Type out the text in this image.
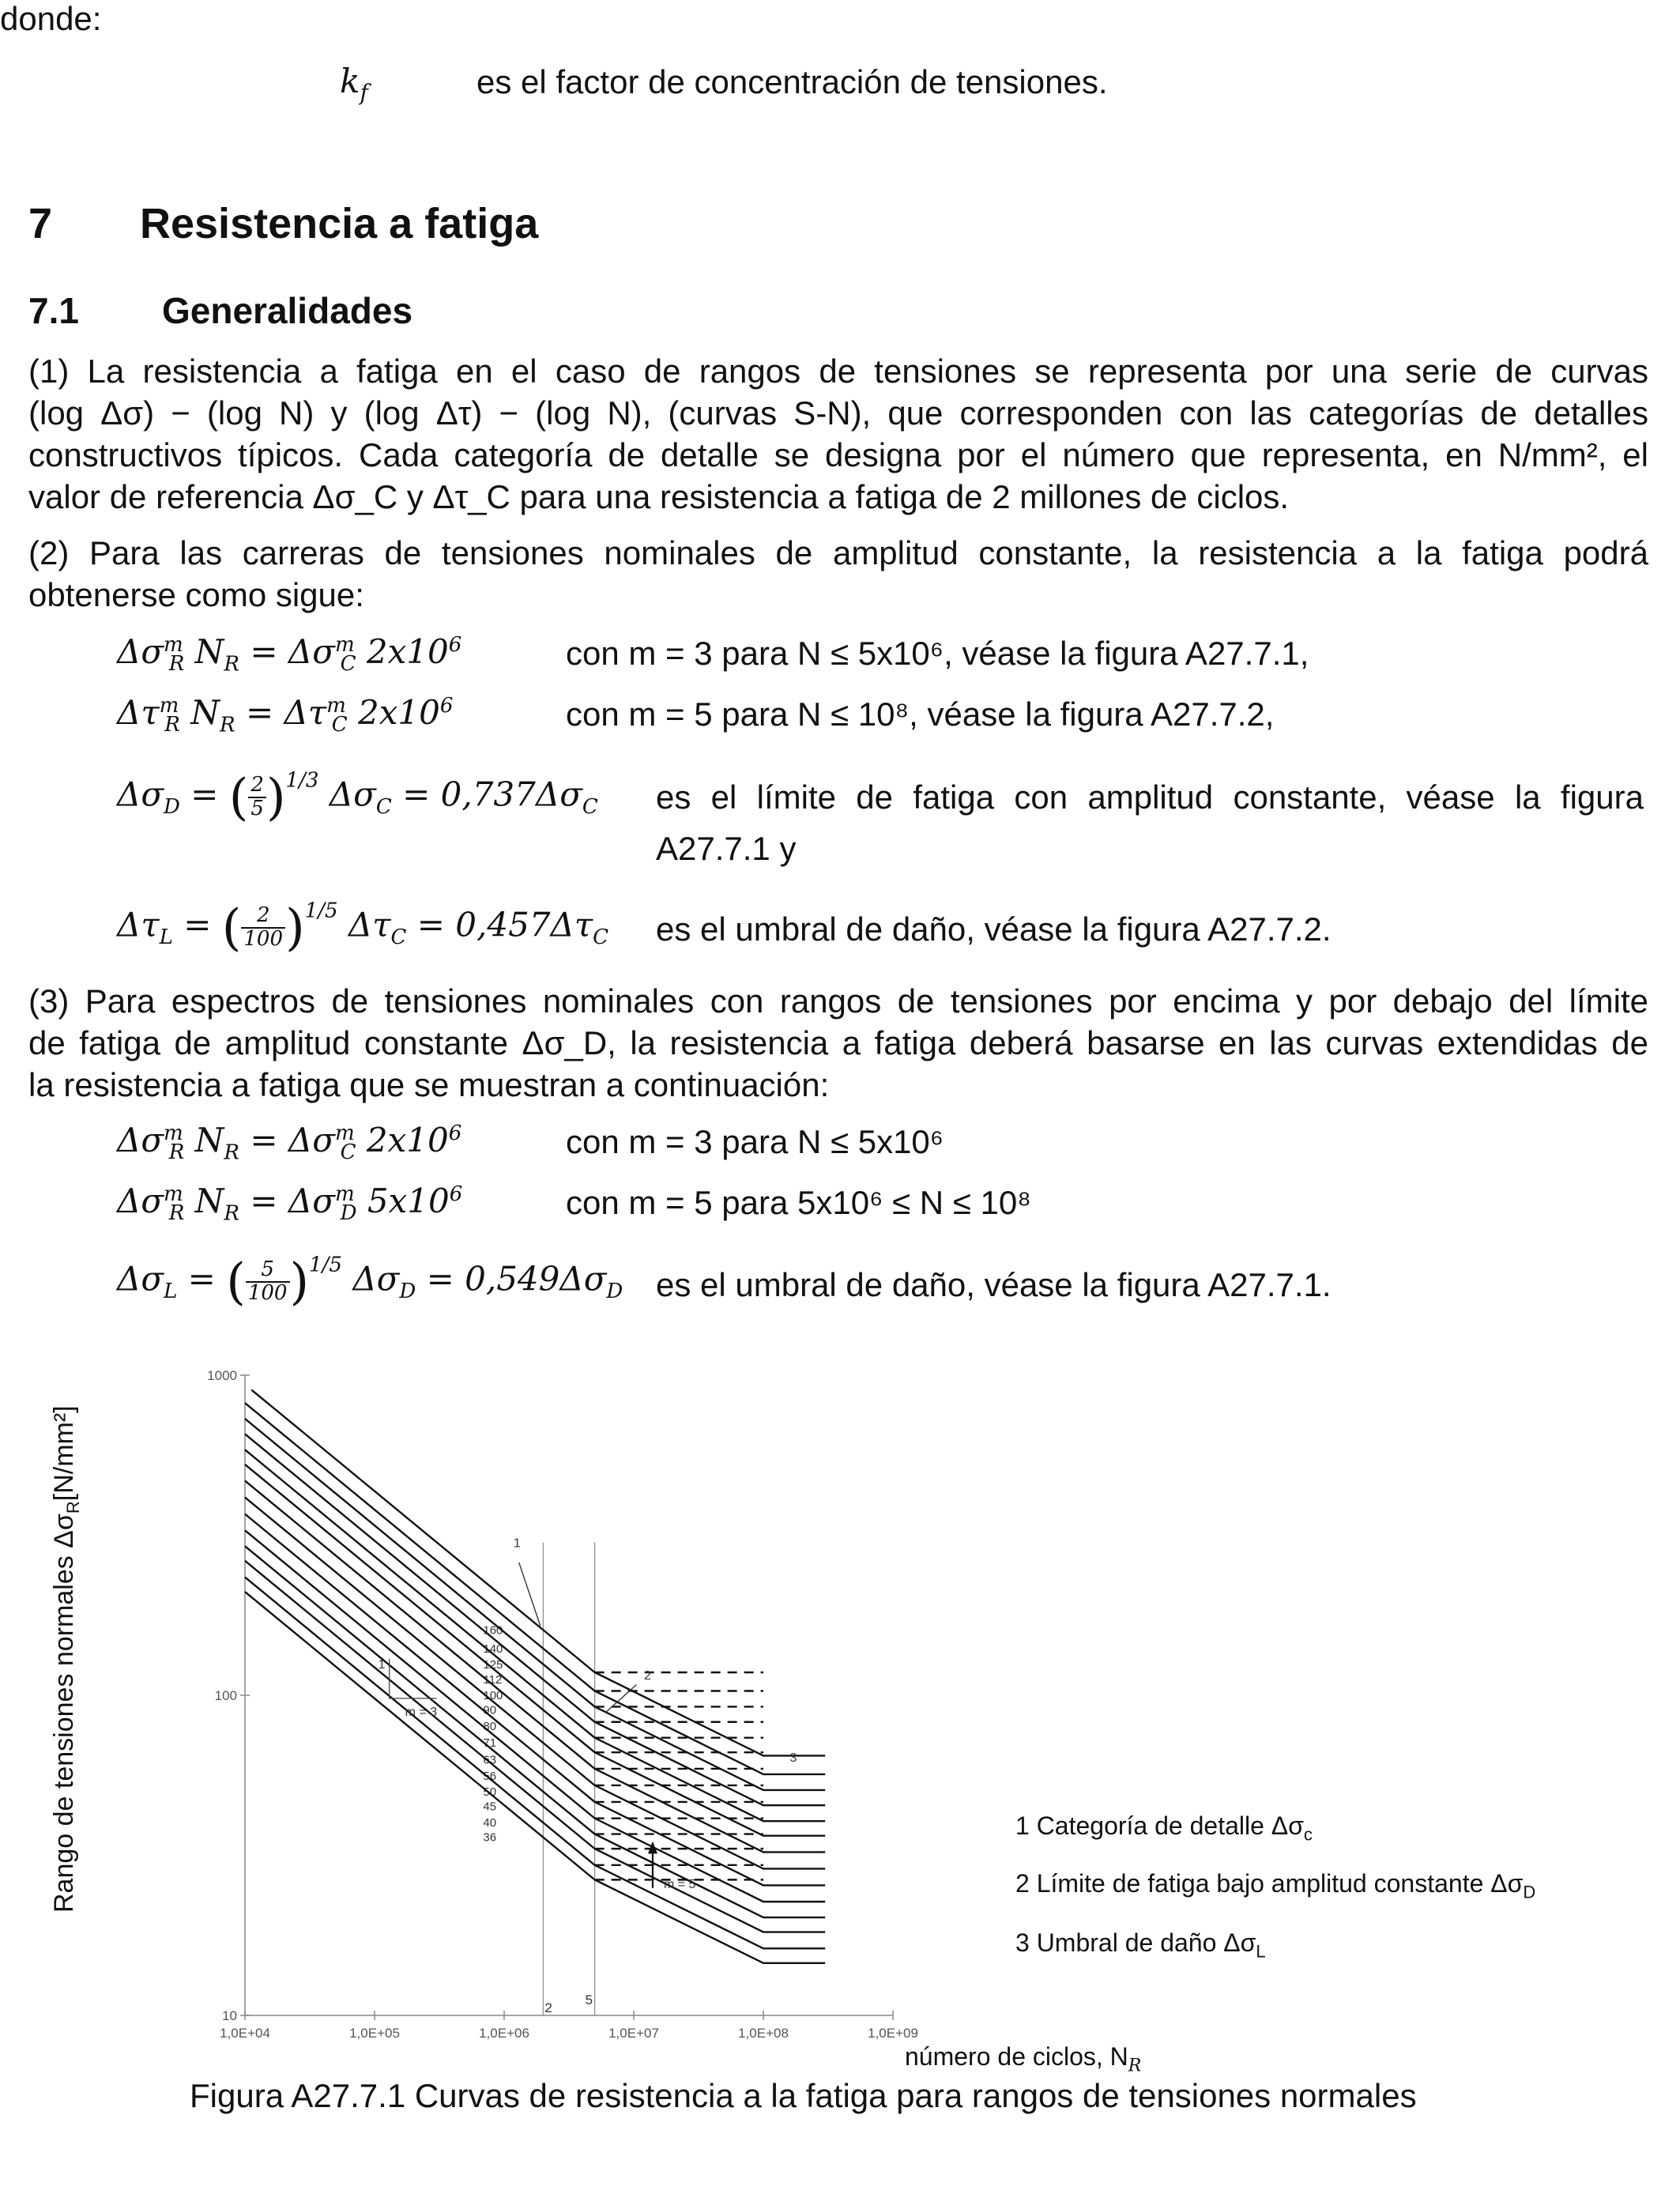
donde:
$k_f$	es el factor de concentración de tensiones.
7 Resistencia a fatiga
7.1 Generalidades
(1) La resistencia a fatiga en el caso de rangos de tensiones se representa por una serie de curvas
(log Δσ) − (log N) y (log Δτ) − (log N), (curvas S-N), que corresponden con las categorías de detalles
constructivos típicos. Cada categoría de detalle se designa por el número que representa, en N/mm², el
valor de referencia Δσ_C y Δτ_C para una resistencia a fatiga de 2 millones de ciclos.
(2) Para las carreras de tensiones nominales de amplitud constante, la resistencia a la fatiga podrá
obtenerse como sigue:
$\Delta\sigma^m_R$ $N_R = \Delta\sigma^m_C$ $2x10^6$	con m = 3 para N ≤ 5x10⁶, véase la figura A27.7.1,
$\Delta\tau^m_R$ $N_R = \Delta\tau^m_C$ $2x10^6$	con m = 5 para N ≤ 10⁸, véase la figura A27.7.2,
$\Delta\sigma_D$ = ( $\frac{2}{5} )^{1/3}$ $\Delta\sigma_C = 0,737\Delta\sigma_C$ es el límite de fatiga con amplitud constante, véase la figura
A27.7.1 y
$\Delta\tau_L$ = ( $\frac{2}{100} )^{1/5}$ $\Delta\tau_C = 0,457\Delta\tau_C$ es el umbral de daño, véase la figura A27.7.2.
(3) Para espectros de tensiones nominales con rangos de tensiones por encima y por debajo del límite
de fatiga de amplitud constante Δσ_D, la resistencia a fatiga deberá basarse en las curvas extendidas de
la resistencia a fatiga que se muestran a continuación:
$\Delta\sigma^m_R$ $N_R = \Delta\sigma^m_C$ $2x10^6$	con m = 3 para N ≤ 5x10⁶
$\Delta\sigma^m_R$ $N_R = \Delta\sigma^m_D$ $5x10^6$	con m = 5 para 5x10⁶ ≤ N ≤ 10⁸
$\Delta\sigma_L$ = ( $\frac{5}{100} )^{1/5}$ $\Delta\sigma_D = 0,549\Delta\sigma_D$ es el umbral de daño, véase la figura A27.7.1.
Rango de tensiones normales $\Delta\sigma_R[N/mm^2]$
10
100
1000
1,0E+04	1,0E+05	1,0E+06	1,0E+07	1,0E+08	1,0E+09
2
5
160
140
125
112
100
90
80
71
63
56
50
45
40
36
1
m = 3
m = 5
1
2
3
1 Categoría de detalle $\Delta\sigma_c$
2 Límite de fatiga bajo amplitud constante $\Delta\sigma_D$
3 Umbral de daño $\Delta\sigma_L$
número de ciclos, $N_R$
Figura A27.7.1 Curvas de resistencia a la fatiga para rangos de tensiones normales
